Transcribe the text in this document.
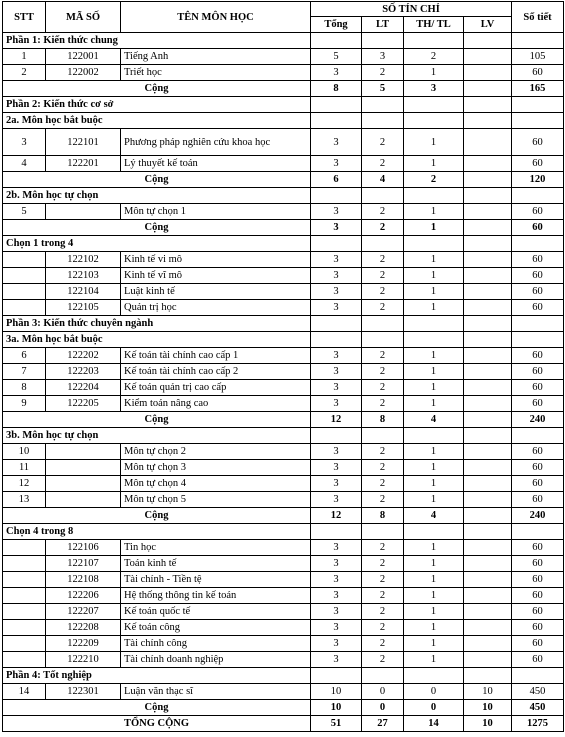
STT	MÃ SỐ	TÊN MÔN HỌC	SỐ TÍN CHỈ				Số tiết
			Tổng	LT	TH/ TL	LV	
Phần 1: Kiến thức chung							
1	122001	Tiếng Anh	5	3	2		105
2	122002	Triết học	3	2	1		60
Cộng			8	5	3		165
Phần 2: Kiến thức cơ sở							
2a. Môn học bắt buộc							
3	122101	Phương pháp nghiên cứu khoa học	3	2	1		60
4	122201	Lý thuyết kế toán	3	2	1		60
Cộng			6	4	2		120
2b. Môn học tự chọn							
5		Môn tự chọn 1	3	2	1		60
Cộng			3	2	1		60
Chọn 1 trong 4							
	122102	Kinh tế vi mô	3	2	1		60
	122103	Kinh tế vĩ mô	3	2	1		60
	122104	Luật kinh tế	3	2	1		60
	122105	Quản trị học	3	2	1		60
Phần 3: Kiến thức chuyên ngành							
3a. Môn học bắt buộc							
6	122202	Kế toán tài chính cao cấp 1	3	2	1		60
7	122203	Kế toán tài chính cao cấp 2	3	2	1		60
8	122204	Kế toán quản trị cao cấp	3	2	1		60
9	122205	Kiểm toán nâng cao	3	2	1		60
Cộng			12	8	4		240
3b. Môn học tự chọn							
10		Môn tự chọn 2	3	2	1		60
11		Môn tự chọn 3	3	2	1		60
12		Môn tự chọn 4	3	2	1		60
13		Môn tự chọn 5	3	2	1		60
Cộng			12	8	4		240
Chọn 4 trong 8							
	122106	Tin học	3	2	1		60
	122107	Toán kinh tế	3	2	1		60
	122108	Tài chính - Tiền tệ	3	2	1		60
	122206	Hệ thống thông tin kế toán	3	2	1		60
	122207	Kế toán quốc tế	3	2	1		60
	122208	Kế toán công	3	2	1		60
	122209	Tài chính công	3	2	1		60
	122210	Tài chính doanh nghiệp	3	2	1		60
Phần 4: Tốt nghiệp							
14	122301	Luận văn thạc sĩ	10	0	0	10	450
Cộng			10	0	0	10	450
TỔNG CỘNG			51	27	14	10	1275
